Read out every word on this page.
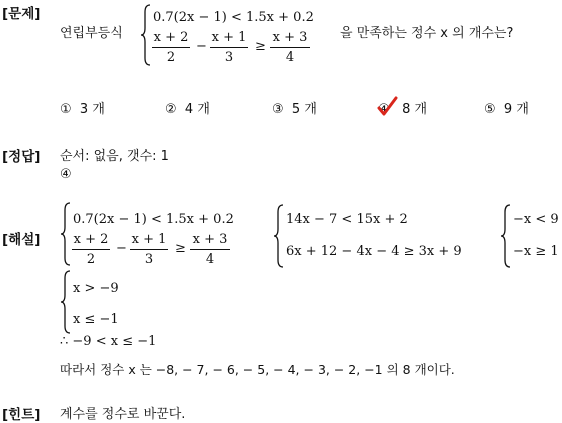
[문제]
연립부등식
0.7(2x − 1) < 1.5x + 0.2
x + 2
2
−
x + 1
3
≥
x + 3
4
을 만족하는 정수 x 의 개수는?
① 3 개	② 4 개	③ 5 개	④ 8 개	⑤ 9 개
[정답] 순서: 없음, 갯수: 1
④
[해설]
0.7(2x − 1) < 1.5x + 0.2
x + 2
2
−
x + 1
3
≥
x + 3
4
14x − 7 < 15x + 2
6x + 12 − 4x − 4 ≥ 3x + 9
−x < 9
−x ≥ 1
x > −9
x ≤ −1
∴ −9 < x ≤ −1
따라서 정수 x 는 −8, − 7, − 6, − 5, − 4, − 3, − 2, −1 의 8 개이다.
[힌트] 계수를 정수로 바꾼다.
